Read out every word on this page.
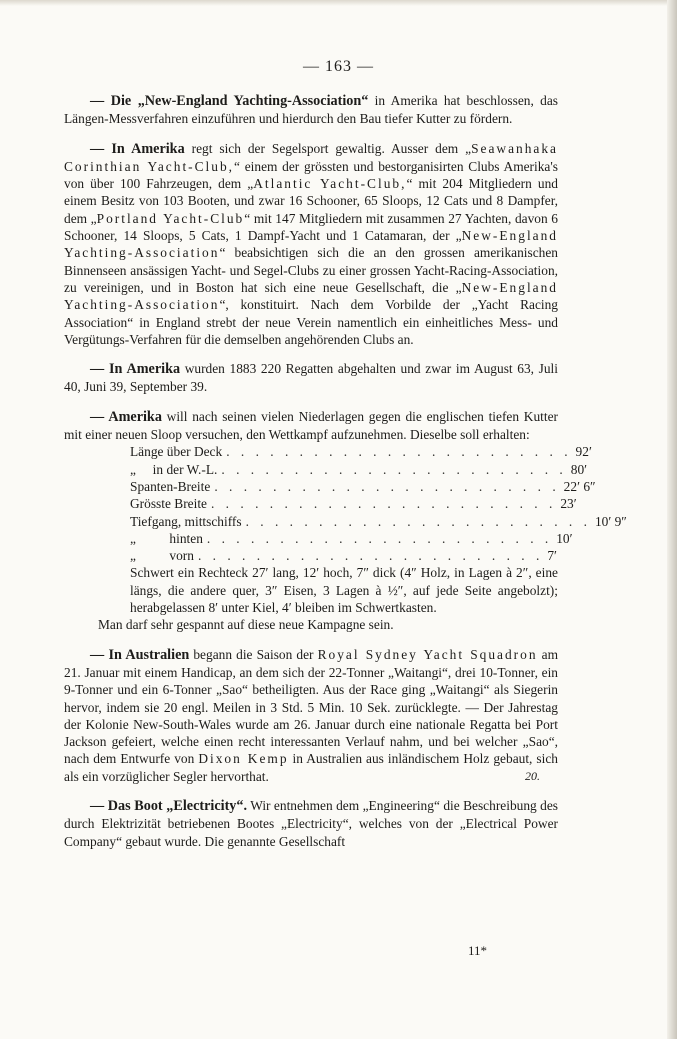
— 163 —

— Die „New-England Yachting-Association“ in Amerika hat beschlossen, das Längen-Messverfahren einzuführen und hierdurch den Bau tiefer Kutter zu fördern.

— In Amerika regt sich der Segelsport gewaltig. Ausser dem „Seawanhaka Corinthian Yacht-Club,“ einem der grössten und bestorganisirten Clubs Amerika's von über 100 Fahrzeugen, dem „Atlantic Yacht-Club,“ mit 204 Mitgliedern und einem Besitz von 103 Booten, und zwar 16 Schooner, 65 Sloops, 12 Cats und 8 Dampfer, dem „Portland Yacht-Club“ mit 147 Mitgliedern mit zusammen 27 Yachten, davon 6 Schooner, 14 Sloops, 5 Cats, 1 Dampf-Yacht und 1 Catamaran, der „New-England Yachting-Association“ beabsichtigen sich die an den grossen amerikanischen Binnenseen ansässigen Yacht- und Segel-Clubs zu einer grossen Yacht-Racing-Association, zu vereinigen, und in Boston hat sich eine neue Gesellschaft, die „New-England Yachting-Association“, konstituirt. Nach dem Vorbilde der „Yacht Racing Association“ in England strebt der neue Verein namentlich ein einheitliches Mess- und Vergütungs-Verfahren für die demselben angehörenden Clubs an.

— In Amerika wurden 1883 220 Regatten abgehalten und zwar im August 63, Juli 40, Juni 39, September 39.

— Amerika will nach seinen vielen Niederlagen gegen die englischen tiefen Kutter mit einer neuen Sloop versuchen, den Wettkampf aufzunehmen. Dieselbe soll erhalten:

Länge über Deck . . . . . . . . . . . . . . . . . . . . . . . . 92′
„     in der W.-L. . . . . . . . . . . . . . . . . . . . . . . . . 80′
Spanten-Breite . . . . . . . . . . . . . . . . . . . . . . . . 22′ 6″
Grösste Breite . . . . . . . . . . . . . . . . . . . . . . . . 23′
Tiefgang, mittschiffs . . . . . . . . . . . . . . . . . . . . . . . . 10′ 9″
„          hinten . . . . . . . . . . . . . . . . . . . . . . . . 10′
„          vorn . . . . . . . . . . . . . . . . . . . . . . . . 7′

Schwert ein Rechteck 27′ lang, 12′ hoch, 7″ dick (4″ Holz, in Lagen à 2″, eine längs, die andere quer, 3″ Eisen, 3 Lagen à ½″, auf jede Seite angebolzt); herabgelassen 8′ unter Kiel, 4′ bleiben im Schwertkasten.

Man darf sehr gespannt auf diese neue Kampagne sein.

— In Australien begann die Saison der Royal Sydney Yacht Squadron am 21. Januar mit einem Handicap, an dem sich der 22-Tonner „Waitangi“, drei 10-Tonner, ein 9-Tonner und ein 6-Tonner „Sao“ betheiligten. Aus der Race ging „Waitangi“ als Siegerin hervor, indem sie 20 engl. Meilen in 3 Std. 5 Min. 10 Sek. zurücklegte. — Der Jahrestag der Kolonie New-South-Wales wurde am 26. Januar durch eine nationale Regatta bei Port Jackson gefeiert, welche einen recht interessanten Verlauf nahm, und bei welcher „Sao“, nach dem Entwurfe von Dixon Kemp in Australien aus inländischem Holz gebaut, sich als ein vorzüglicher Segler hervorthat.	20.

— Das Boot „Electricity“. Wir entnehmen dem „Engineering“ die Beschreibung des durch Elektrizität betriebenen Bootes „Electricity“, welches von der „Electrical Power Company“ gebaut wurde. Die genannte Gesellschaft

11*
